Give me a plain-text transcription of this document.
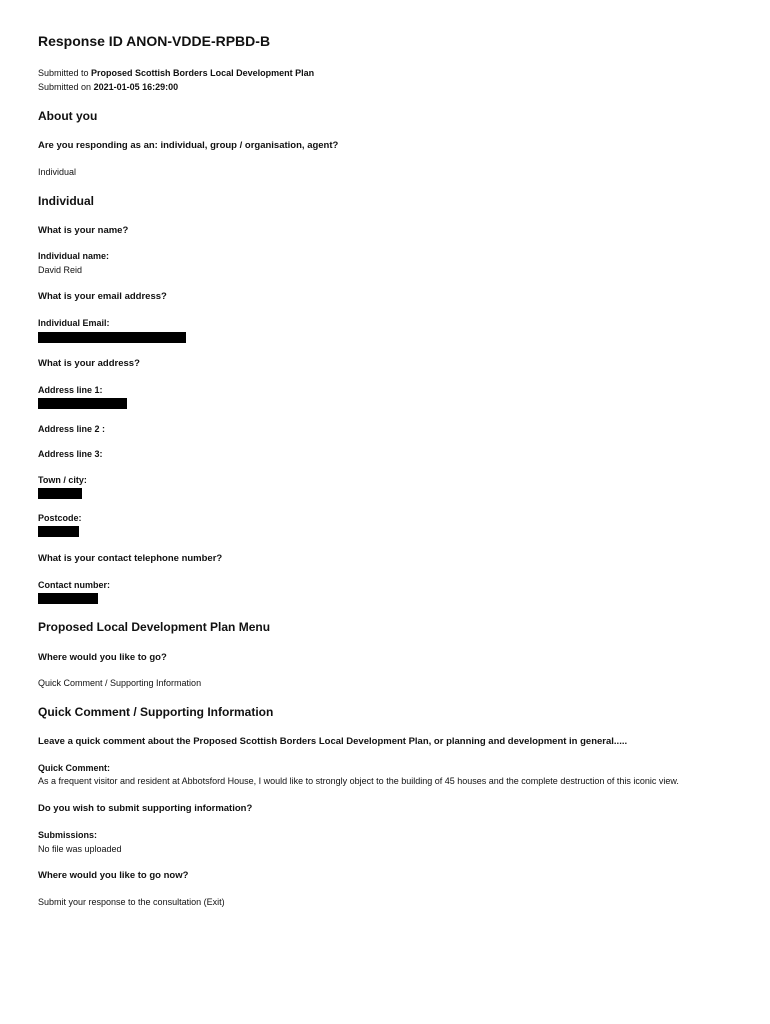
Response ID ANON-VDDE-RPBD-B
Submitted to Proposed Scottish Borders Local Development Plan
Submitted on 2021-01-05 16:29:00
About you
Are you responding as an: individual, group / organisation, agent?
Individual
Individual
What is your name?
Individual name:
David Reid
What is your email address?
Individual Email:
What is your address?
Address line 1:
Address line 2 :
Address line 3:
Town / city:
Postcode:
What is your contact telephone number?
Contact number:
Proposed Local Development Plan Menu
Where would you like to go?
Quick Comment / Supporting Information
Quick Comment / Supporting Information
Leave a quick comment about the Proposed Scottish Borders Local Development Plan, or planning and development in general.....
Quick Comment:
As a frequent visitor and resident at Abbotsford House, I would like to strongly object to the building of 45 houses and the complete destruction of this iconic view.
Do you wish to submit supporting information?
Submissions:
No file was uploaded
Where would you like to go now?
Submit your response to the consultation (Exit)
